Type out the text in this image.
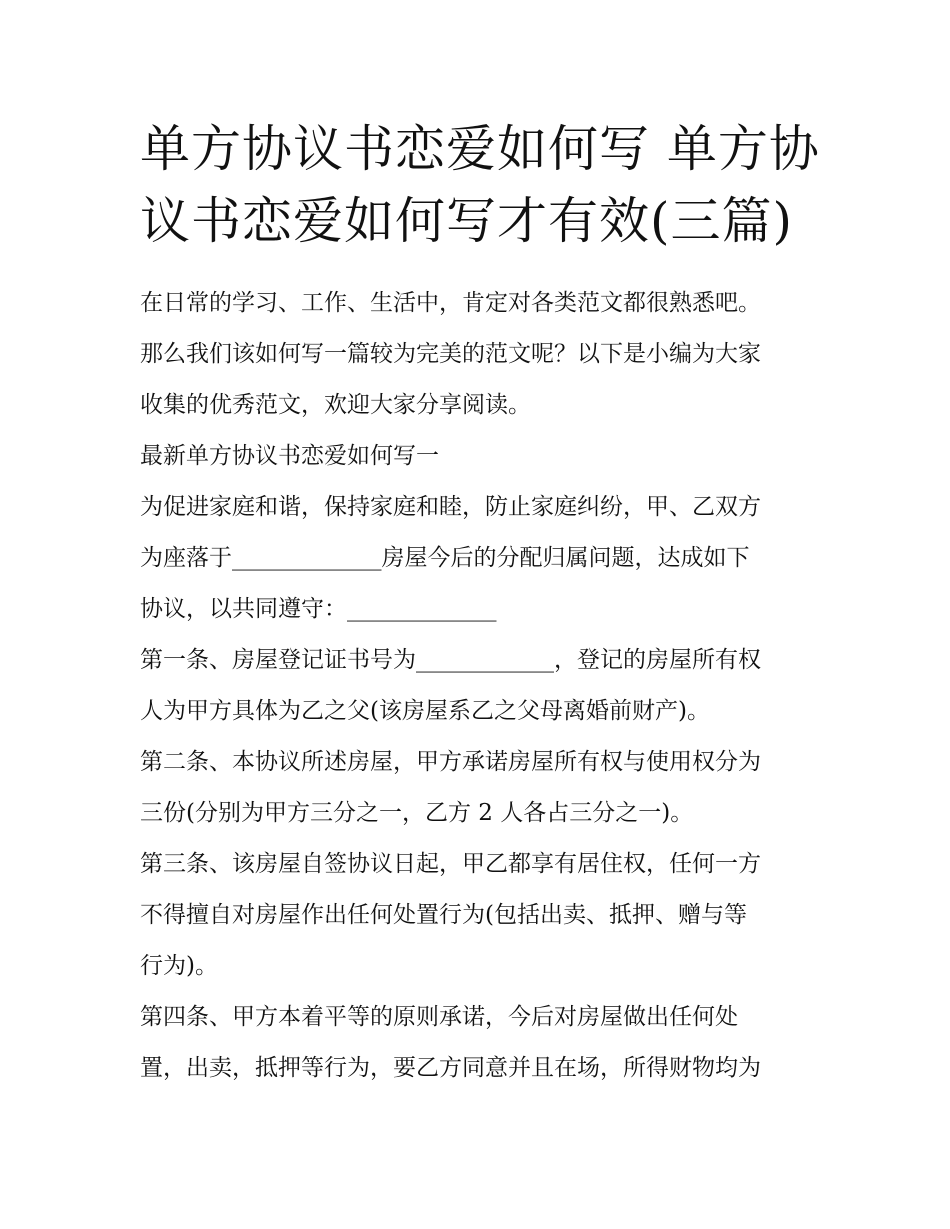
单方协议书恋爱如何写 单方协
议书恋爱如何写才有效(三篇)
在日常的学习、工作、生活中，肯定对各类范文都很熟悉吧。
那么我们该如何写一篇较为完美的范文呢？以下是小编为大家
收集的优秀范文，欢迎大家分享阅读。
最新单方协议书恋爱如何写一
为促进家庭和谐，保持家庭和睦，防止家庭纠纷，甲、乙双方
为座落于_____________房屋今后的分配归属问题，达成如下
协议，以共同遵守：_____________
第一条、房屋登记证书号为____________，登记的房屋所有权
人为甲方具体为乙之父(该房屋系乙之父母离婚前财产)。
第二条、本协议所述房屋，甲方承诺房屋所有权与使用权分为
三份(分别为甲方三分之一，乙方 2 人各占三分之一)。
第三条、该房屋自签协议日起，甲乙都享有居住权，任何一方
不得擅自对房屋作出任何处置行为(包括出卖、抵押、赠与等
行为)。
第四条、甲方本着平等的原则承诺，今后对房屋做出任何处
置，出卖，抵押等行为，要乙方同意并且在场，所得财物均为
